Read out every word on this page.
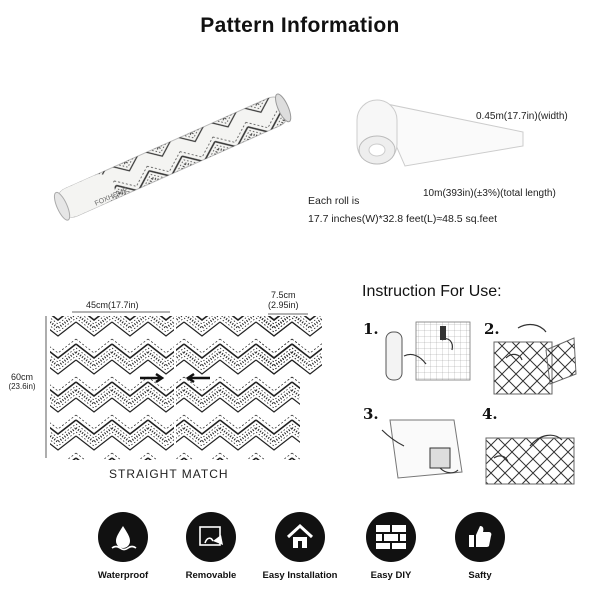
Pattern Information
FOXHOME
0.45m(17.7in)(width)
10m(393in)(±3%)(total length)
Each roll is
17.7 inches(W)*32.8 feet(L)≈48.5 sq.feet
45cm(17.7in)
7.5cm
(2.95in)
60cm
(23.6in)
STRAIGHT MATCH
Instruction For Use:
1.	2.
3.	4.
Waterproof	Removable	Easy Installation	Easy DIY	Safty
